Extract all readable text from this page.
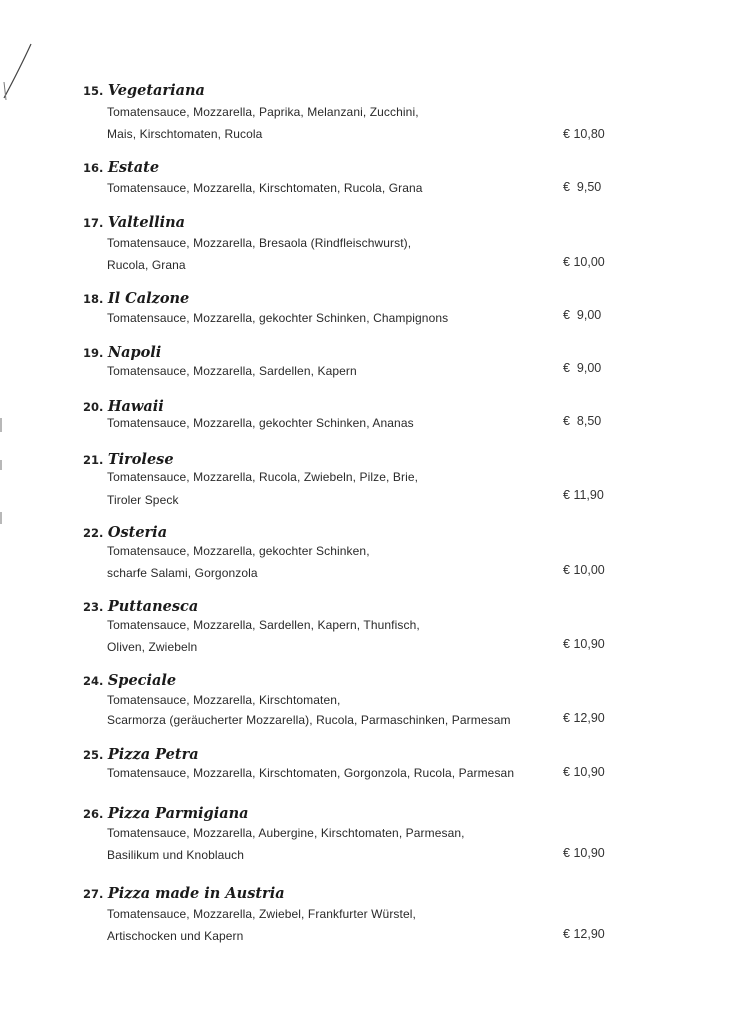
15. Vegetariana
Tomatensauce, Mozzarella, Paprika, Melanzani, Zucchini,
Mais, Kirschtomaten, Rucola	€ 10,80
16. Estate
Tomatensauce, Mozzarella, Kirschtomaten, Rucola, Grana	€  9,50
17. Valtellina
Tomatensauce, Mozzarella, Bresaola (Rindfleischwurst),
Rucola, Grana	€ 10,00
18. Il Calzone
Tomatensauce, Mozzarella, gekochter Schinken, Champignons	€  9,00
19. Napoli
Tomatensauce, Mozzarella, Sardellen, Kapern	€  9,00
20. Hawaii
Tomatensauce, Mozzarella, gekochter Schinken, Ananas	€  8,50
21. Tirolese
Tomatensauce, Mozzarella, Rucola, Zwiebeln, Pilze, Brie,
Tiroler Speck	€ 11,90
22. Osteria
Tomatensauce, Mozzarella, gekochter Schinken,
scharfe Salami, Gorgonzola	€ 10,00
23. Puttanesca
Tomatensauce, Mozzarella, Sardellen, Kapern, Thunfisch,
Oliven, Zwiebeln	€ 10,90
24. Speciale
Tomatensauce, Mozzarella, Kirschtomaten,
Scarmorza (geräucherter Mozzarella), Rucola, Parmaschinken, Parmesam	€ 12,90
25. Pizza Petra
Tomatensauce, Mozzarella, Kirschtomaten, Gorgonzola, Rucola, Parmesan	€ 10,90
26. Pizza Parmigiana
Tomatensauce, Mozzarella, Aubergine, Kirschtomaten, Parmesan,
Basilikum und Knoblauch	€ 10,90
27. Pizza made in Austria
Tomatensauce, Mozzarella, Zwiebel, Frankfurter Würstel,
Artischocken und Kapern	€ 12,90
